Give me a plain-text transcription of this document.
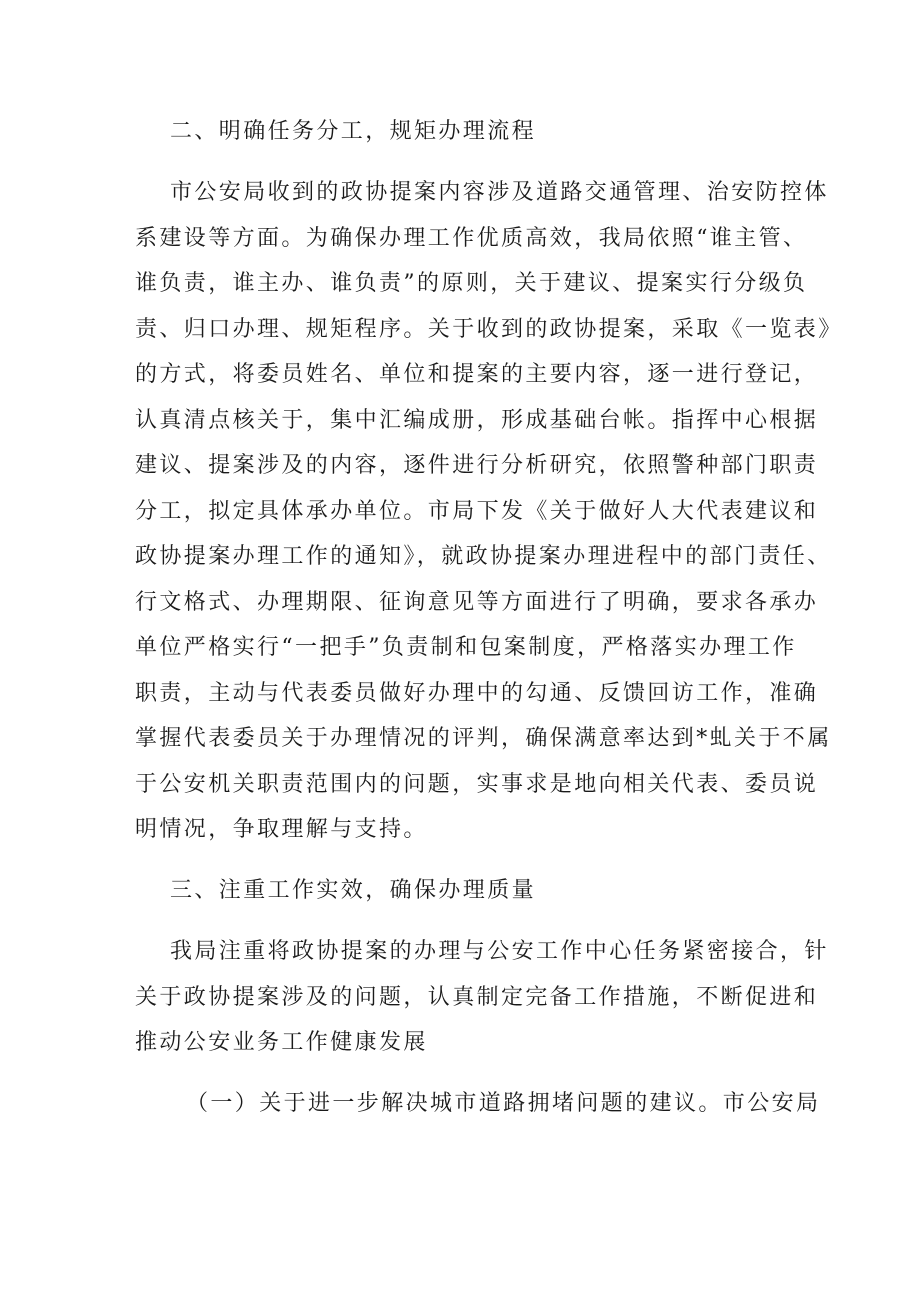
二、明确任务分工，规矩办理流程
市公安局收到的政协提案内容涉及道路交通管理、治安防控体
系建设等方面。为确保办理工作优质高效，我局依照“谁主管、
谁负责，谁主办、谁负责”的原则，关于建议、提案实行分级负
责、归口办理、规矩程序。关于收到的政协提案，采取《一览表》
的方式，将委员姓名、单位和提案的主要内容，逐一进行登记，
认真清点核关于，集中汇编成册，形成基础台帐。指挥中心根据
建议、提案涉及的内容，逐件进行分析研究，依照警种部门职责
分工，拟定具体承办单位。市局下发《关于做好人大代表建议和
政协提案办理工作的通知》，就政协提案办理进程中的部门责任、
行文格式、办理期限、征询意见等方面进行了明确，要求各承办
单位严格实行“一把手”负责制和包案制度，严格落实办理工作
职责，主动与代表委员做好办理中的勾通、反馈回访工作，准确
掌握代表委员关于办理情况的评判，确保满意率达到*虬关于不属
于公安机关职责范围内的问题，实事求是地向相关代表、委员说
明情况，争取理解与支持。
三、注重工作实效，确保办理质量
我局注重将政协提案的办理与公安工作中心任务紧密接合，针
关于政协提案涉及的问题，认真制定完备工作措施，不断促进和
推动公安业务工作健康发展
（一）关于进一步解决城市道路拥堵问题的建议。市公安局
